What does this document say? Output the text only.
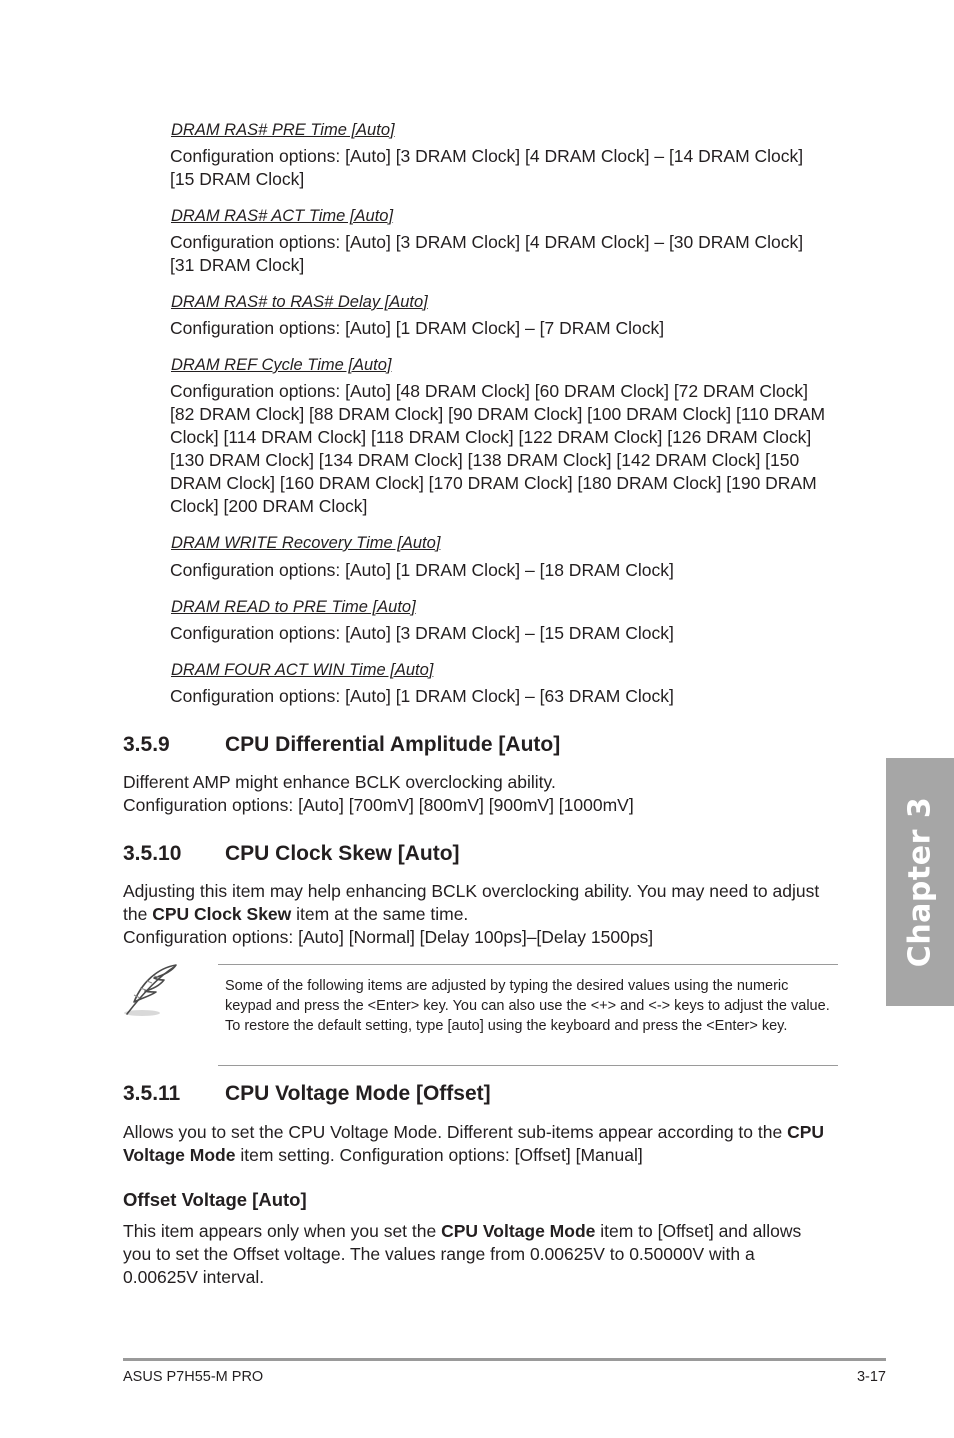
DRAM RAS# PRE Time [Auto]
Configuration options: [Auto] [3 DRAM Clock] [4 DRAM Clock] – [14 DRAM Clock] [15 DRAM Clock]
DRAM RAS# ACT Time [Auto]
Configuration options: [Auto] [3 DRAM Clock] [4 DRAM Clock] – [30 DRAM Clock] [31 DRAM Clock]
DRAM RAS# to RAS# Delay [Auto]
Configuration options: [Auto] [1 DRAM Clock] – [7 DRAM Clock]
DRAM REF Cycle Time [Auto]
Configuration options: [Auto] [48 DRAM Clock] [60 DRAM Clock] [72 DRAM Clock] [82 DRAM Clock] [88 DRAM Clock] [90 DRAM Clock] [100 DRAM Clock] [110 DRAM Clock] [114 DRAM Clock] [118 DRAM Clock] [122 DRAM Clock] [126 DRAM Clock] [130 DRAM Clock] [134 DRAM Clock] [138 DRAM Clock] [142 DRAM Clock] [150 DRAM Clock] [160 DRAM Clock] [170 DRAM Clock] [180 DRAM Clock] [190 DRAM Clock] [200 DRAM Clock]
DRAM WRITE Recovery Time [Auto]
Configuration options: [Auto] [1 DRAM Clock] – [18 DRAM Clock]
DRAM READ to PRE Time [Auto]
Configuration options: [Auto] [3 DRAM Clock] – [15 DRAM Clock]
DRAM FOUR ACT WIN Time [Auto]
Configuration options: [Auto] [1 DRAM Clock] – [63 DRAM Clock]
3.5.9	CPU Differential Amplitude [Auto]
Different AMP might enhance BCLK overclocking ability.
Configuration options: [Auto] [700mV] [800mV] [900mV] [1000mV]
3.5.10 CPU Clock Skew [Auto]
Adjusting this item may help enhancing BCLK overclocking ability. You may need to adjust the CPU Clock Skew item at the same time.
Configuration options: [Auto] [Normal] [Delay 100ps]–[Delay 1500ps]
Some of the following items are adjusted by typing the desired values using the numeric keypad and press the <Enter> key. You can also use the <+> and <-> keys to adjust the value. To restore the default setting, type [auto] using the keyboard and press the <Enter> key.
3.5.11 CPU Voltage Mode [Offset]
Allows you to set the CPU Voltage Mode. Different sub-items appear according to the CPU Voltage Mode item setting. Configuration options: [Offset] [Manual]
Offset Voltage [Auto]
This item appears only when you set the CPU Voltage Mode item to [Offset] and allows you to set the Offset voltage. The values range from 0.00625V to 0.50000V with a 0.00625V interval.
Chapter 3
ASUS P7H55-M PRO	3-17
